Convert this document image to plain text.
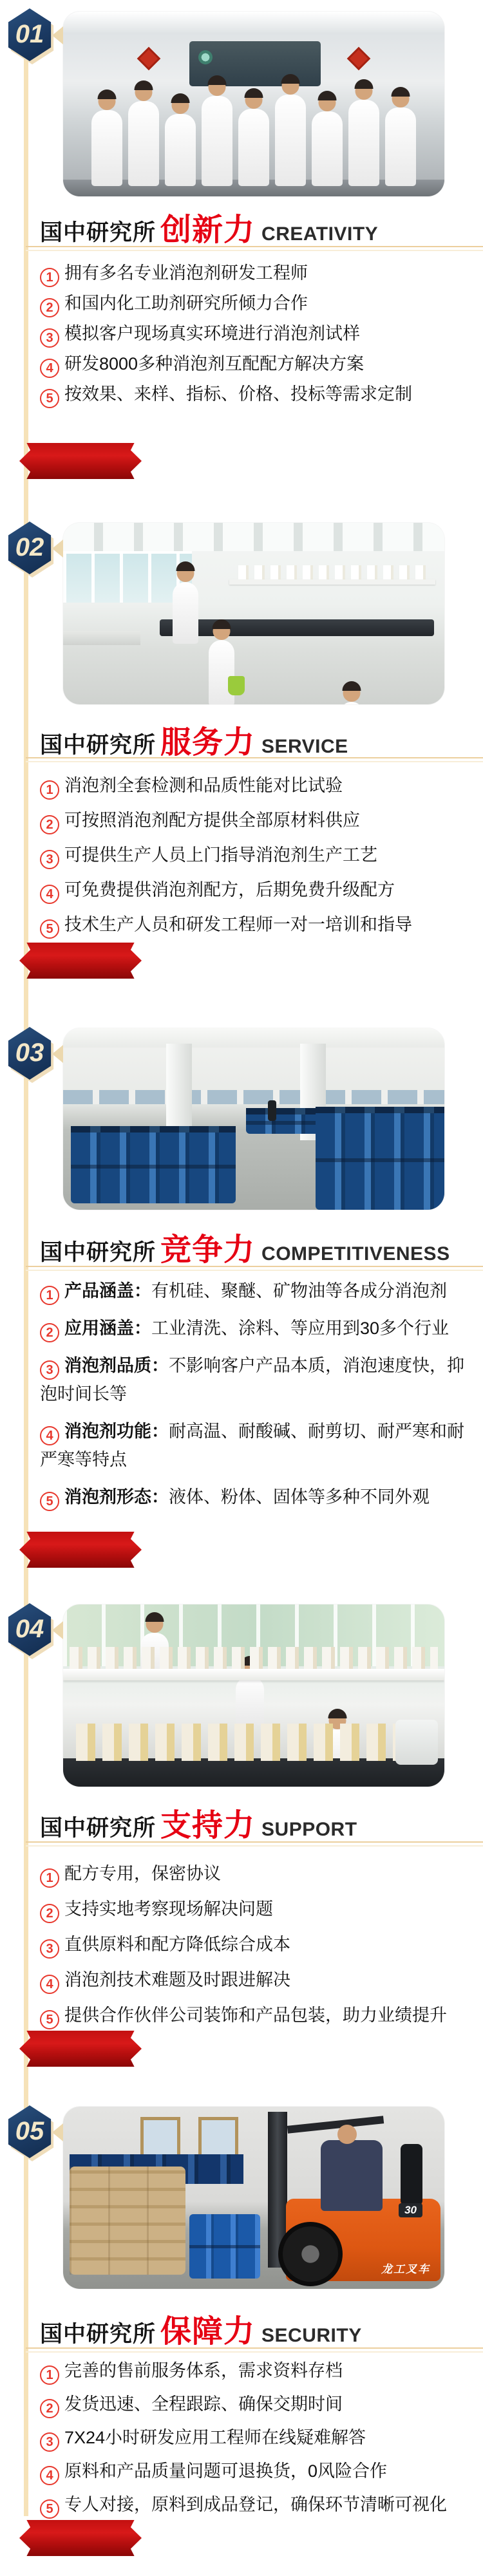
01
国中研究所 创新力 CREATIVITY
1 拥有多名专业消泡剂研发工程师
2 和国内化工助剂研究所倾力合作
3 模拟客户现场真实环境进行消泡剂试样
4 研发8000多种消泡剂互配配方解决方案
5 按效果、来样、指标、价格、投标等需求定制
02
国中研究所 服务力 SERVICE
1 消泡剂全套检测和品质性能对比试验
2 可按照消泡剂配方提供全部原材料供应
3 可提供生产人员上门指导消泡剂生产工艺
4 可免费提供消泡剂配方，后期免费升级配方
5 技术生产人员和研发工程师一对一培训和指导
03
国中研究所 竞争力 COMPETITIVENESS
1 产品涵盖：有机硅、聚醚、矿物油等各成分消泡剂
2 应用涵盖：工业清洗、涂料、等应用到30多个行业
3 消泡剂品质：不影响客户产品本质，消泡速度快，抑泡时间长等
4 消泡剂功能：耐高温、耐酸碱、耐剪切、耐严寒和耐严寒等特点
5 消泡剂形态：液体、粉体、固体等多种不同外观
04
国中研究所 支持力 SUPPORT
1 配方专用，保密协议
2 支持实地考察现场解决问题
3 直供原料和配方降低综合成本
4 消泡剂技术难题及时跟进解决
5 提供合作伙伴公司装饰和产品包装，助力业绩提升
05
30
龙工叉车
国中研究所 保障力 SECURITY
1 完善的售前服务体系，需求资料存档
2 发货迅速、全程跟踪、确保交期时间
3 7X24小时研发应用工程师在线疑难解答
4 原料和产品质量问题可退换货，0风险合作
5 专人对接，原料到成品登记，确保环节清晰可视化
